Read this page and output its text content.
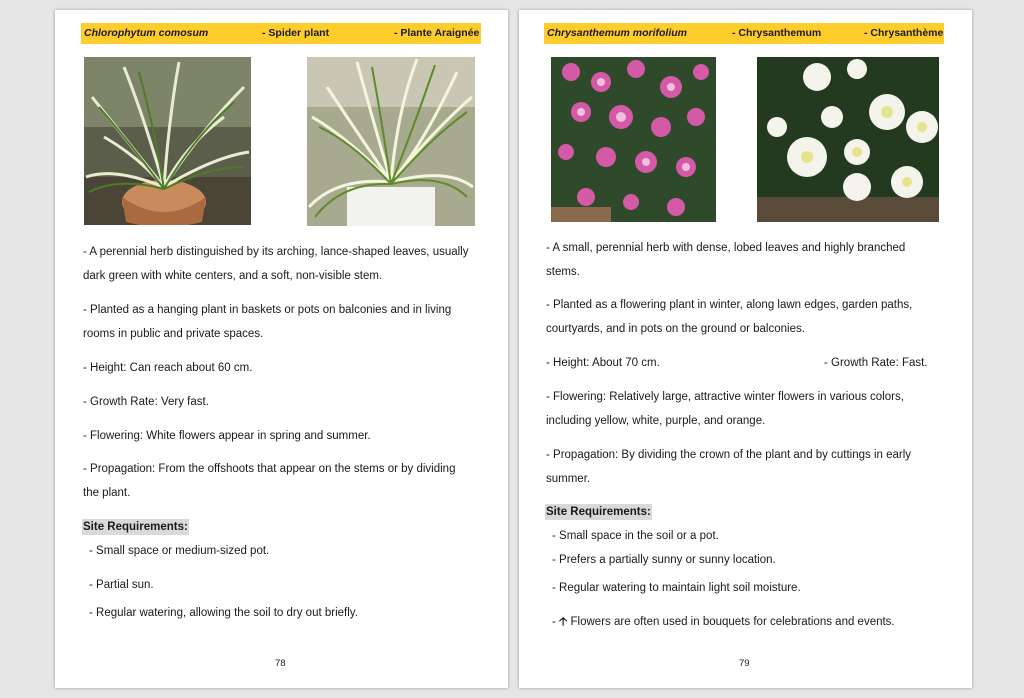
Chlorophytum comosum	- Spider plant	- Plante Araignée
- A perennial herb distinguished by its arching, lance-shaped leaves, usually
dark green with white centers, and a soft, non-visible stem.
- Planted as a hanging plant in baskets or pots on balconies and in living
rooms in public and private spaces.
- Height: Can reach about 60 cm.
- Growth Rate: Very fast.
- Flowering: White flowers appear in spring and summer.
- Propagation: From the offshoots that appear on the stems or by dividing
the plant.
Site Requirements:
- Small space or medium-sized pot.
- Partial sun.
- Regular watering, allowing the soil to dry out briefly.
78
Chrysanthemum morifolium	- Chrysanthemum	- Chrysanthème
- A small, perennial herb with dense, lobed leaves and highly branched
stems.
- Planted as a flowering plant in winter, along lawn edges, garden paths,
courtyards, and in pots on the ground or balconies.
- Height: About 70 cm.	- Growth Rate: Fast.
- Flowering: Relatively large, attractive winter flowers in various colors,
including yellow, white, purple, and orange.
- Propagation: By dividing the crown of the plant and by cuttings in early
summer.
Site Requirements:
- Small space in the soil or a pot.
- Prefers a partially sunny or sunny location.
- Regular watering to maintain light soil moisture.
- 🡡 Flowers are often used in bouquets for celebrations and events.
79
